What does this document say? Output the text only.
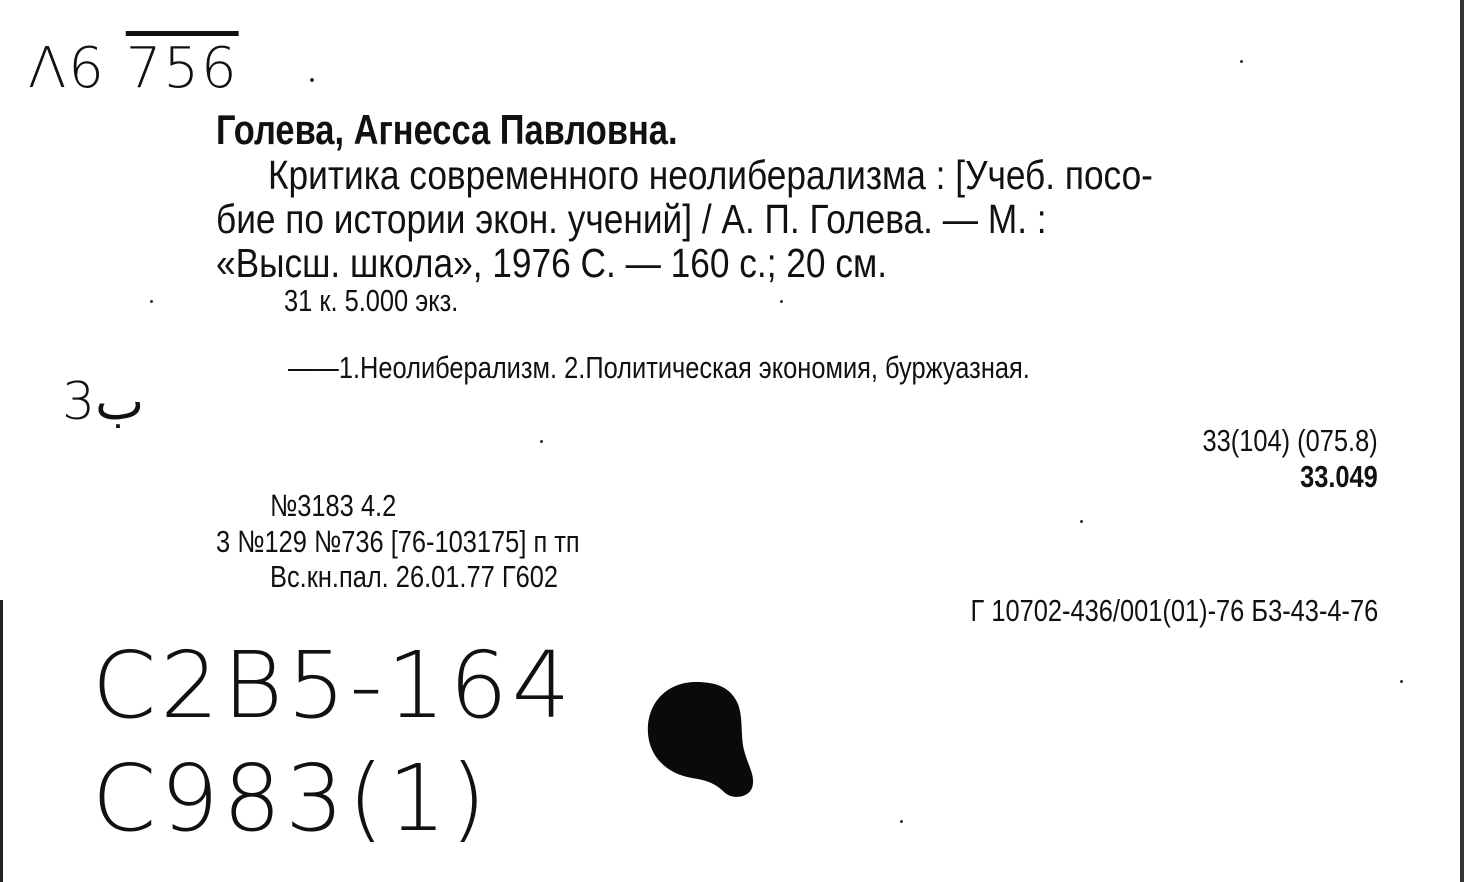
Λ6 756
3ب
C2B5-164
C983(1)
Голева, Агнесса Павловна.
Критика современного неолиберализма : [Учеб. посо-
бие по истории экон. учений] / А. П. Голева. — М. :
«Высш. школа», 1976 С. — 160 с.; 20 см.
31 к. 5.000 экз.
——1.Неолиберализм. 2.Политическая экономия, буржуазная.
33(104) (075.8)
33.049
№3183 4.2
3 №129 №736 [76-103175] п тп
Вс.кн.пал. 26.01.77 Г602
Г 10702-436/001(01)-76 Б3-43-4-76
